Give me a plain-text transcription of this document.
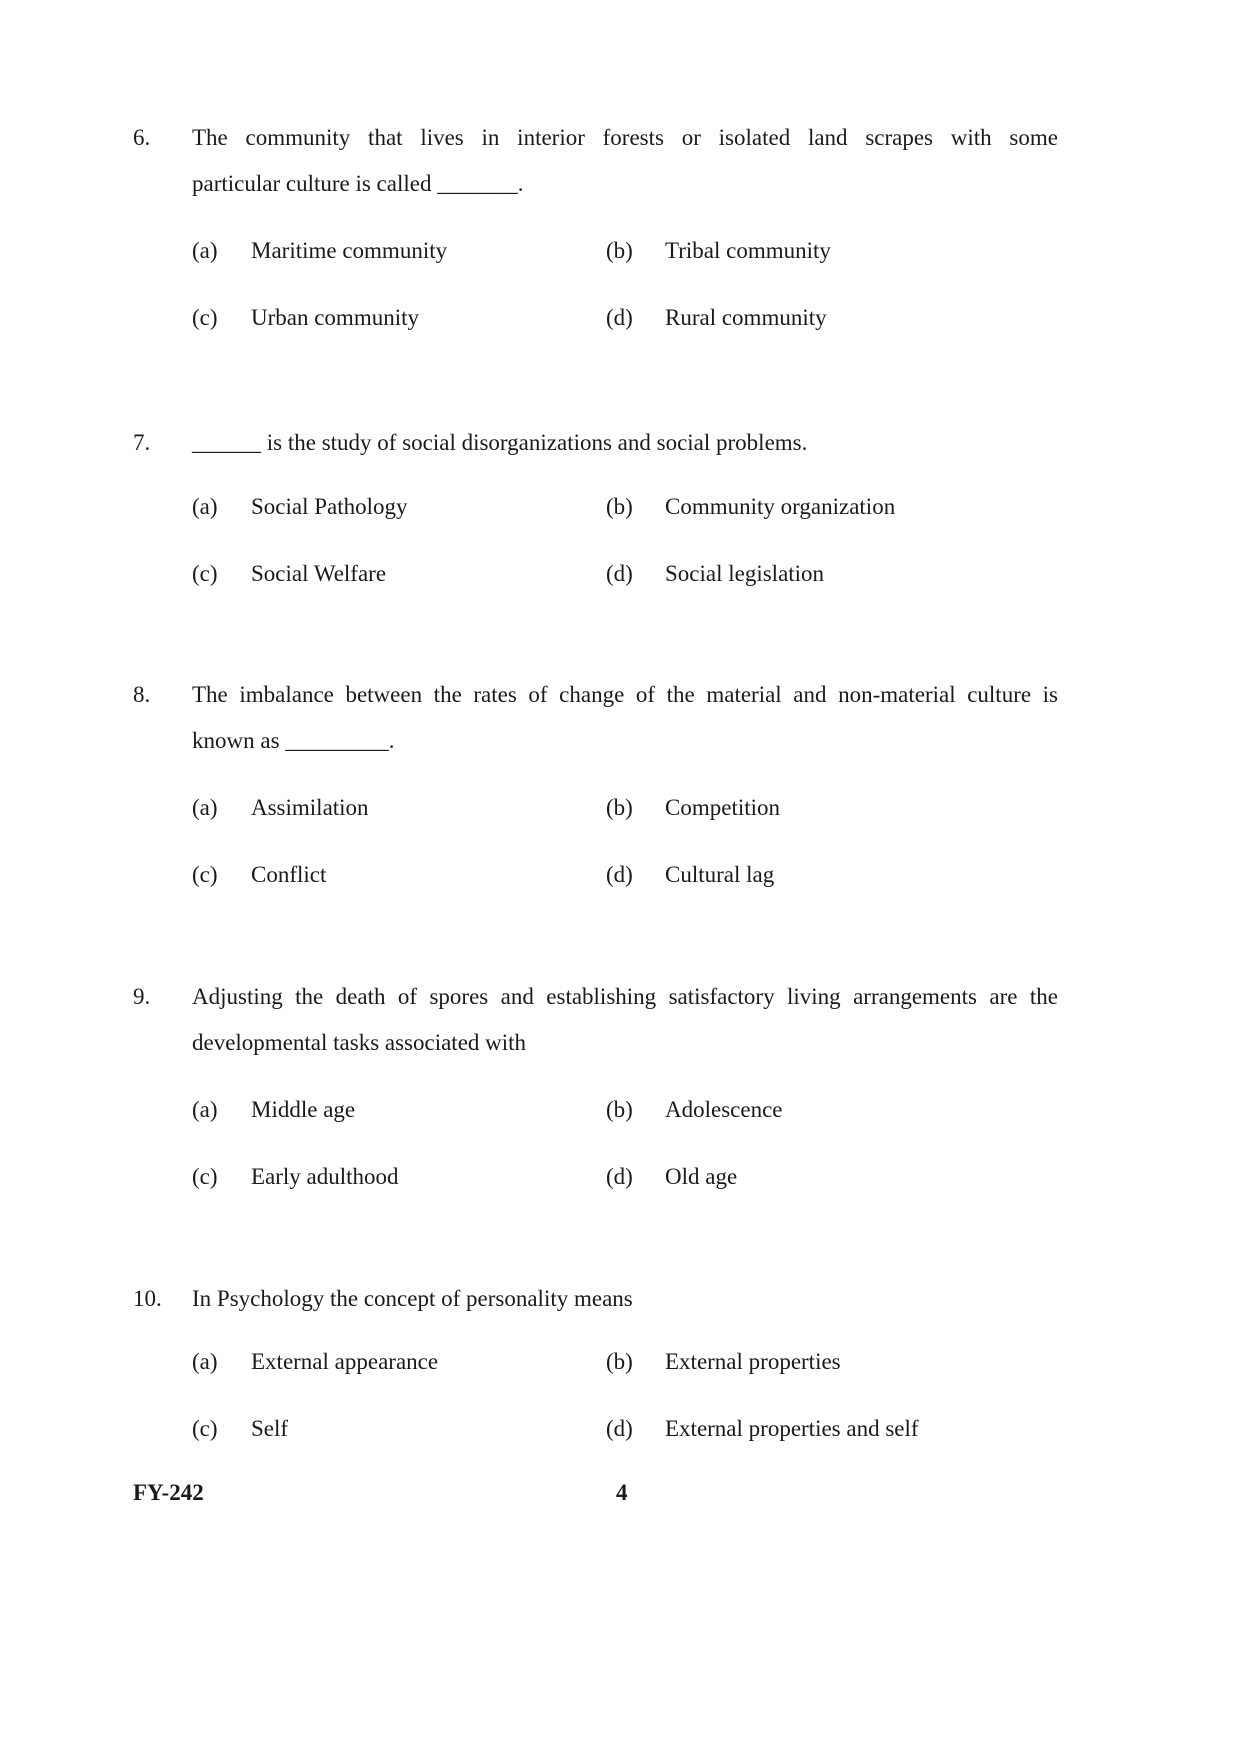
6. The community that lives in interior forests or isolated land scrapes with some
particular culture is called _______.
(a) Maritime community	(b) Tribal community
(c) Urban community	(d) Rural community
7. ______ is the study of social disorganizations and social problems.
(a) Social Pathology	(b) Community organization
(c) Social Welfare	(d) Social legislation
8. The imbalance between the rates of change of the material and non-material culture is
known as _________.
(a) Assimilation	(b) Competition
(c) Conflict	(d) Cultural lag
9. Adjusting the death of spores and establishing satisfactory living arrangements are the
developmental tasks associated with
(a) Middle age	(b) Adolescence
(c) Early adulthood	(d) Old age
10. In Psychology the concept of personality means
(a) External appearance	(b) External properties
(c) Self	(d) External properties and self
FY-242	4
